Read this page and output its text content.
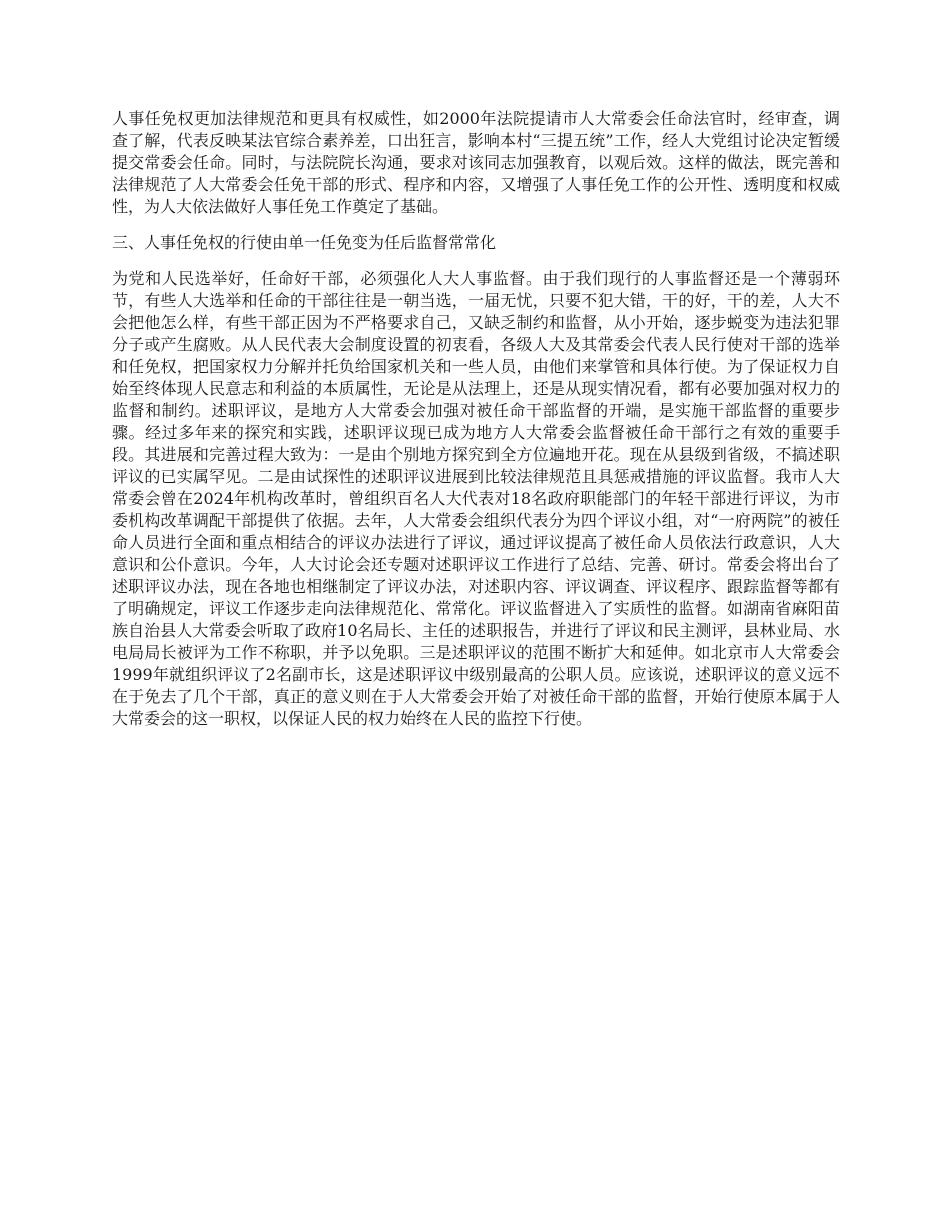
人事任免权更加法律规范和更具有权威性，如2000年法院提请市人大常委会任命法官时，经审查，调查了解，代表反映某法官综合素养差，口出狂言，影响本村“三提五统”工作，经人大党组讨论决定暂缓提交常委会任命。同时，与法院院长沟通，要求对该同志加强教育，以观后效。这样的做法，既完善和法律规范了人大常委会任免干部的形式、程序和内容，又增强了人事任免工作的公开性、透明度和权威性，为人大依法做好人事任免工作奠定了基础。

三、人事任免权的行使由单一任免变为任后监督常常化

为党和人民选举好，任命好干部，必须强化人大人事监督。由于我们现行的人事监督还是一个薄弱环节，有些人大选举和任命的干部往往是一朝当选，一届无忧，只要不犯大错，干的好，干的差，人大不会把他怎么样，有些干部正因为不严格要求自己，又缺乏制约和监督，从小开始，逐步蜕变为违法犯罪分子或产生腐败。从人民代表大会制度设置的初衷看，各级人大及其常委会代表人民行使对干部的选举和任免权，把国家权力分解并托负给国家机关和一些人员，由他们来掌管和具体行使。为了保证权力自始至终体现人民意志和利益的本质属性，无论是从法理上，还是从现实情况看，都有必要加强对权力的监督和制约。述职评议，是地方人大常委会加强对被任命干部监督的开端，是实施干部监督的重要步骤。经过多年来的探究和实践，述职评议现已成为地方人大常委会监督被任命干部行之有效的重要手段。其进展和完善过程大致为：一是由个别地方探究到全方位遍地开花。现在从县级到省级，不搞述职评议的已实属罕见。二是由试探性的述职评议进展到比较法律规范且具惩戒措施的评议监督。我市人大常委会曾在2024年机构改革时，曾组织百名人大代表对18名政府职能部门的年轻干部进行评议，为市委机构改革调配干部提供了依据。去年，人大常委会组织代表分为四个评议小组，对“一府两院”的被任命人员进行全面和重点相结合的评议办法进行了评议，通过评议提高了被任命人员依法行政意识，人大意识和公仆意识。今年，人大讨论会还专题对述职评议工作进行了总结、完善、研讨。常委会将出台了述职评议办法，现在各地也相继制定了评议办法，对述职内容、评议调查、评议程序、跟踪监督等都有了明确规定，评议工作逐步走向法律规范化、常常化。评议监督进入了实质性的监督。如湖南省麻阳苗族自治县人大常委会听取了政府10名局长、主任的述职报告，并进行了评议和民主测评，县林业局、水电局局长被评为工作不称职，并予以免职。三是述职评议的范围不断扩大和延伸。如北京市人大常委会1999年就组织评议了2名副市长，这是述职评议中级别最高的公职人员。应该说，述职评议的意义远不在于免去了几个干部，真正的意义则在于人大常委会开始了对被任命干部的监督，开始行使原本属于人大常委会的这一职权，以保证人民的权力始终在人民的监控下行使。
